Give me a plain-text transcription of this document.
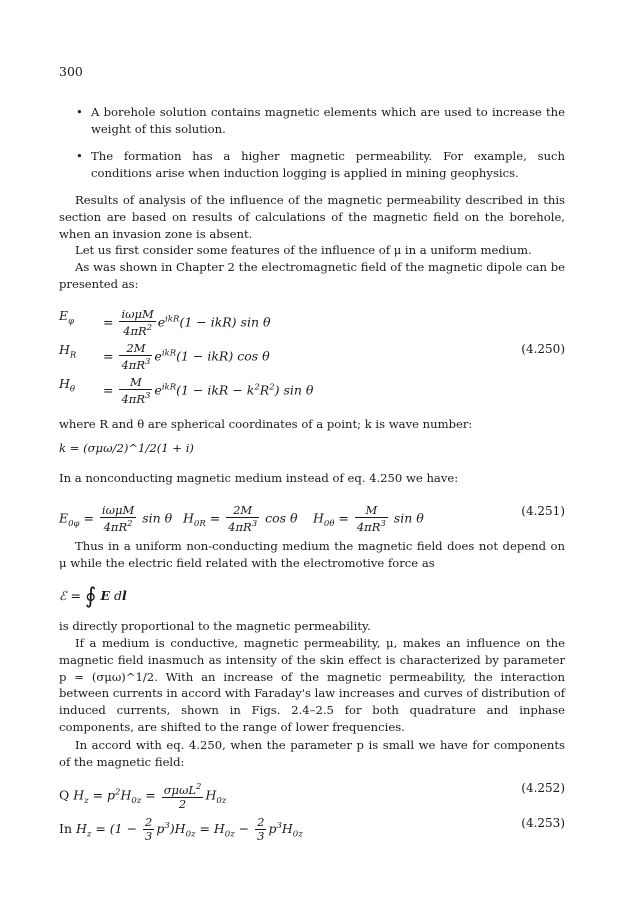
300
• A borehole solution contains magnetic elements which are used to increase the weight of this solution.
• The formation has a higher magnetic permeability. For example, such conditions arise when induction logging is applied in mining geophysics.
Results of analysis of the influence of the magnetic permeability described in this section are based on results of calculations of the magnetic field on the borehole, when an invasion zone is absent.
Let us first consider some features of the influence of μ in a uniform medium.
As was shown in Chapter 2 the electromagnetic field of the magnetic dipole can be presented as:
$E_\varphi = \frac{\text{iωμM}}{4\pi R^2} e^{ikR}(1 - ikR)$ sin θ
$H_R = \frac{2M}{4\pi R^3} e^{ikR}(1 - ikR)$ cos θ	(4.250)
$H_\theta = \frac{M}{4\pi R^3} e^{ikR}(1$ − ikR − $k^2R^2$) sin θ
where R and θ are spherical coordinates of a point; k is wave number:
k = (σμω/2)^1/2(1 + i)
In a nonconducting magnetic medium instead of eq. 4.250 we have:
$E_{0\varphi} = \frac{\text{iωμM}}{4\pi R^2}$ sin θ $H_{0R} = \frac{2M}{4\pi R^3}$ cos θ $H_{0\theta} = \frac{M}{4\pi R^3}$ sin θ	(4.251)
Thus in a uniform non-conducting medium the magnetic field does not depend on μ while the electric field related with the electromotive force as
ℰ = ∮ E dl
is directly proportional to the magnetic permeability.
If a medium is conductive, magnetic permeability, μ, makes an influence on the magnetic field inasmuch as intensity of the skin effect is characterized by parameter p = (σμω)^1/2. With an increase of the magnetic permeability, the interaction between currents in accord with Faraday's law increases and curves of distribution of induced currents, shown in Figs. 2.4–2.5 for both quadrature and inphase components, are shifted to the range of lower frequencies.
In accord with eq. 4.250, when the parameter p is small we have for components of the magnetic field:
Q $H_z = p^2H_{0z} = \frac{\sigma\mu\omega L^2}{2} H_{0z}$
(4.252)
In $H_z = (1 - \frac{2}{3} p^3)H_{0z} = H_{0z} - \frac{2}{3} p^3H_{0z}$
(4.253)
